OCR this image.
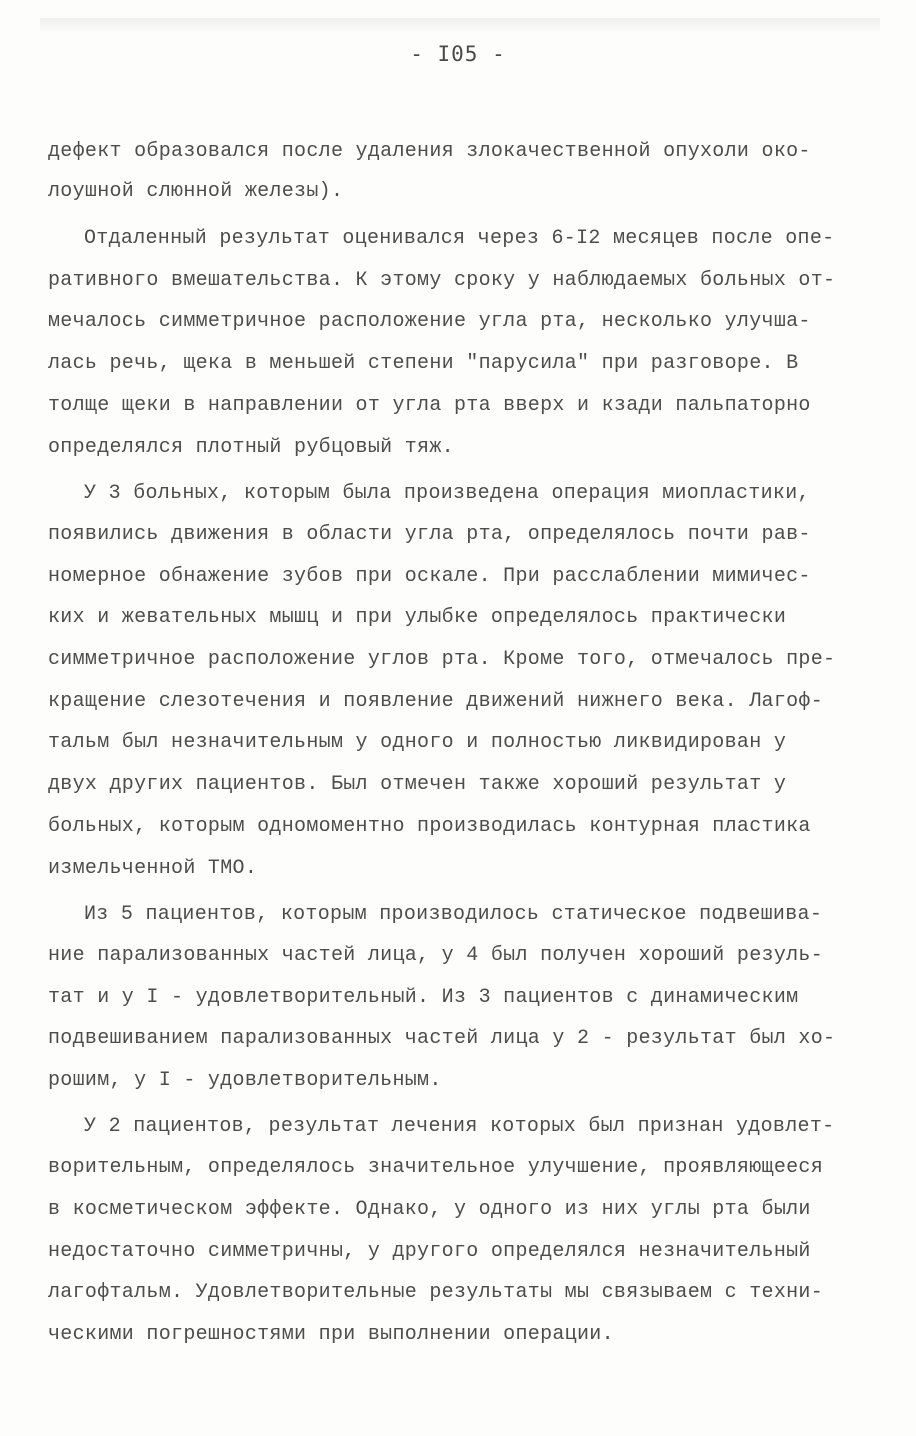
- I05 -
дефект образовался после удаления злокачественной опухоли око-
лоушной слюнной железы).
Отдаленный результат оценивался через 6-I2 месяцев после опе-
ративного вмешательства. К этому сроку у наблюдаемых больных от-
мечалось симметричное расположение угла рта, несколько улучша-
лась речь, щека в меньшей степени "парусила" при разговоре. В
толще щеки в направлении от угла рта вверх и кзади пальпаторно
определялся плотный рубцовый тяж.
У 3 больных, которым была произведена операция миопластики,
появились движения в области угла рта, определялось почти рав-
номерное обнажение зубов при оскале. При расслаблении мимичес-
ких и жевательных мышц и при улыбке определялось практически
симметричное расположение углов рта. Кроме того, отмечалось пре-
кращение слезотечения и появление движений нижнего века. Лагоф-
тальм был незначительным у одного и полностью ликвидирован у
двух других пациентов. Был отмечен также хороший результат у
больных, которым одномоментно производилась контурная пластика
измельченной ТМО.
Из 5 пациентов, которым производилось статическое подвешива-
ние парализованных частей лица, у 4 был получен хороший резуль-
тат и у I - удовлетворительный. Из 3 пациентов с динамическим
подвешиванием парализованных частей лица у 2 - результат был хо-
рошим, у I - удовлетворительным.
У 2 пациентов, результат лечения которых был признан удовлет-
ворительным, определялось значительное улучшение, проявляющееся
в косметическом эффекте. Однако, у одного из них углы рта были
недостаточно симметричны, у другого определялся незначительный
лагофтальм. Удовлетворительные результаты мы связываем с техни-
ческими погрешностями при выполнении операции.
